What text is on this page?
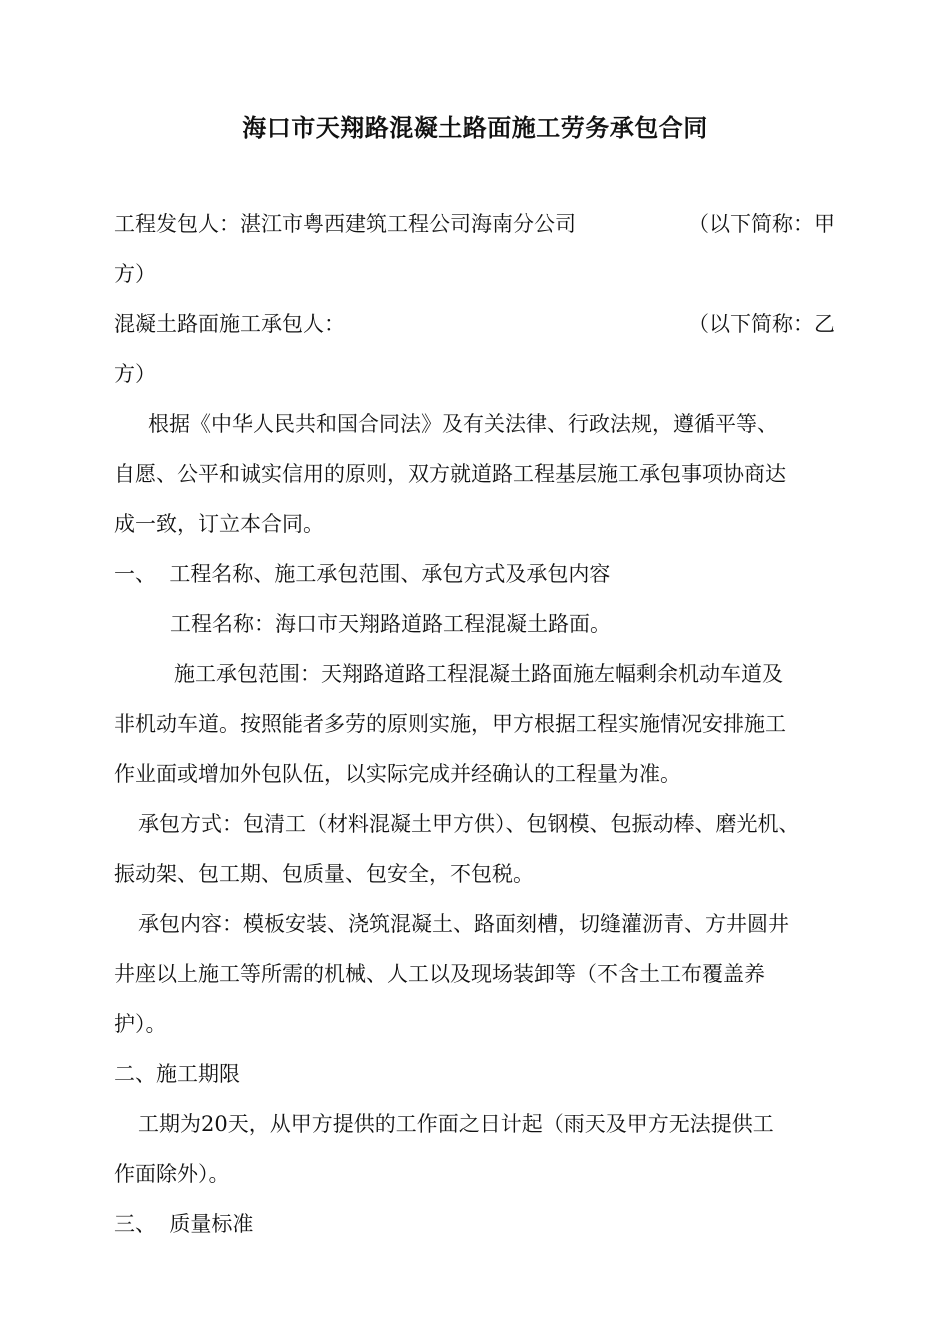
海口市天翔路混凝土路面施工劳务承包合同
工程发包人：湛江市粤西建筑工程公司海南分公司	（以下简称：甲
方）
混凝土路面施工承包人：	（以下简称：乙
方）
根据《中华人民共和国合同法》及有关法律、行政法规，遵循平等、
自愿、公平和诚实信用的原则，双方就道路工程基层施工承包事项协商达
成一致，订立本合同。
一、  工程名称、施工承包范围、承包方式及承包内容
工程名称：海口市天翔路道路工程混凝土路面。
施工承包范围：天翔路道路工程混凝土路面施左幅剩余机动车道及
非机动车道。按照能者多劳的原则实施，甲方根据工程实施情况安排施工
作业面或增加外包队伍，以实际完成并经确认的工程量为准。
承包方式：包清工（材料混凝土甲方供）、包钢模、包振动棒、磨光机、
振动架、包工期、包质量、包安全，不包税。
承包内容：模板安装、浇筑混凝土、路面刻槽，切缝灌沥青、方井圆井
井座以上施工等所需的机械、人工以及现场装卸等（不含土工布覆盖养
护）。
二、施工期限
工期为20天，从甲方提供的工作面之日计起（雨天及甲方无法提供工
作面除外）。
三、  质量标准
